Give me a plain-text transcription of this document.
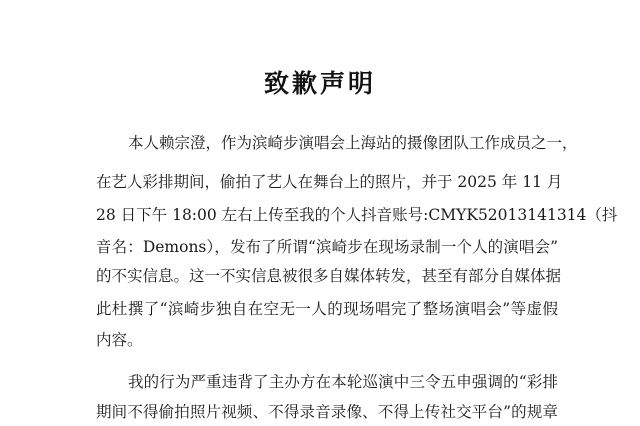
致歉声明
本人赖宗澄，作为滨崎步演唱会上海站的摄像团队工作成员之一，
在艺人彩排期间，偷拍了艺人在舞台上的照片，并于 2025 年 11 月
28 日下午 18:00 左右上传至我的个人抖音账号:CMYK52013141314（抖
音名：Demons），发布了所谓“滨崎步在现场录制一个人的演唱会”
的不实信息。这一不实信息被很多自媒体转发，甚至有部分自媒体据
此杜撰了“滨崎步独自在空无一人的现场唱完了整场演唱会”等虚假
内容。
我的行为严重违背了主办方在本轮巡演中三令五申强调的“彩排
期间不得偷拍照片视频、不得录音录像、不得上传社交平台”的规章
